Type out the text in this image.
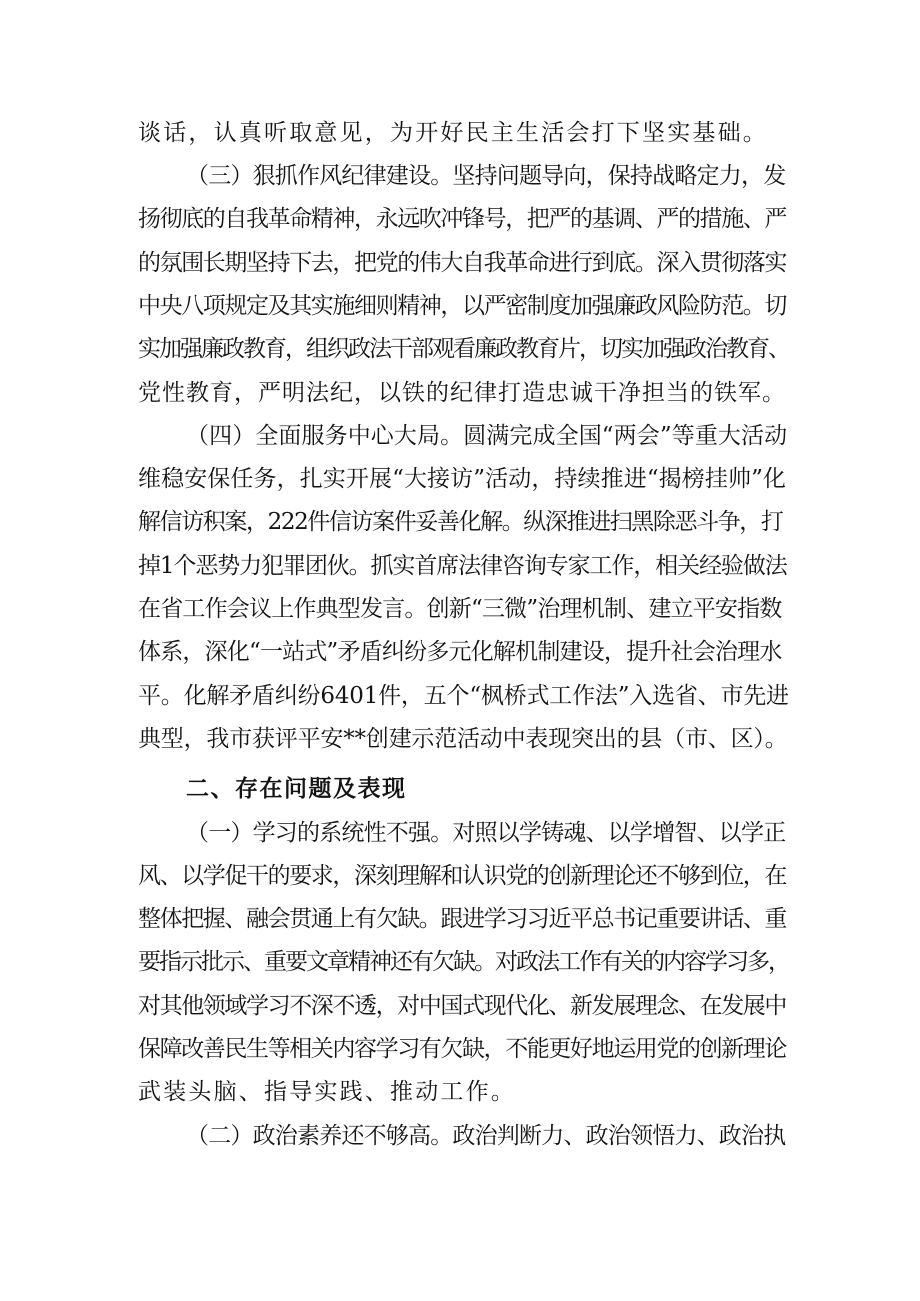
谈话，认真听取意见，为开好民主生活会打下坚实基础。
（三）狠抓作风纪律建设。坚持问题导向，保持战略定力，发
扬彻底的自我革命精神，永远吹冲锋号，把严的基调、严的措施、严
的氛围长期坚持下去，把党的伟大自我革命进行到底。深入贯彻落实
中央八项规定及其实施细则精神，以严密制度加强廉政风险防范。切
实加强廉政教育，组织政法干部观看廉政教育片，切实加强政治教育、
党性教育，严明法纪，以铁的纪律打造忠诚干净担当的铁军。
（四）全面服务中心大局。圆满完成全国“两会”等重大活动
维稳安保任务，扎实开展“大接访”活动，持续推进“揭榜挂帅”化
解信访积案，222件信访案件妥善化解。纵深推进扫黑除恶斗争，打
掉1个恶势力犯罪团伙。抓实首席法律咨询专家工作，相关经验做法
在省工作会议上作典型发言。创新“三微”治理机制、建立平安指数
体系，深化“一站式”矛盾纠纷多元化解机制建设，提升社会治理水
平。化解矛盾纠纷6401件，五个“枫桥式工作法”入选省、市先进
典型，我市获评平安**创建示范活动中表现突出的县（市、区）。
二、存在问题及表现
（一）学习的系统性不强。对照以学铸魂、以学增智、以学正
风、以学促干的要求，深刻理解和认识党的创新理论还不够到位，在
整体把握、融会贯通上有欠缺。跟进学习习近平总书记重要讲话、重
要指示批示、重要文章精神还有欠缺。对政法工作有关的内容学习多，
对其他领域学习不深不透，对中国式现代化、新发展理念、在发展中
保障改善民生等相关内容学习有欠缺，不能更好地运用党的创新理论
武装头脑、指导实践、推动工作。
（二）政治素养还不够高。政治判断力、政治领悟力、政治执
